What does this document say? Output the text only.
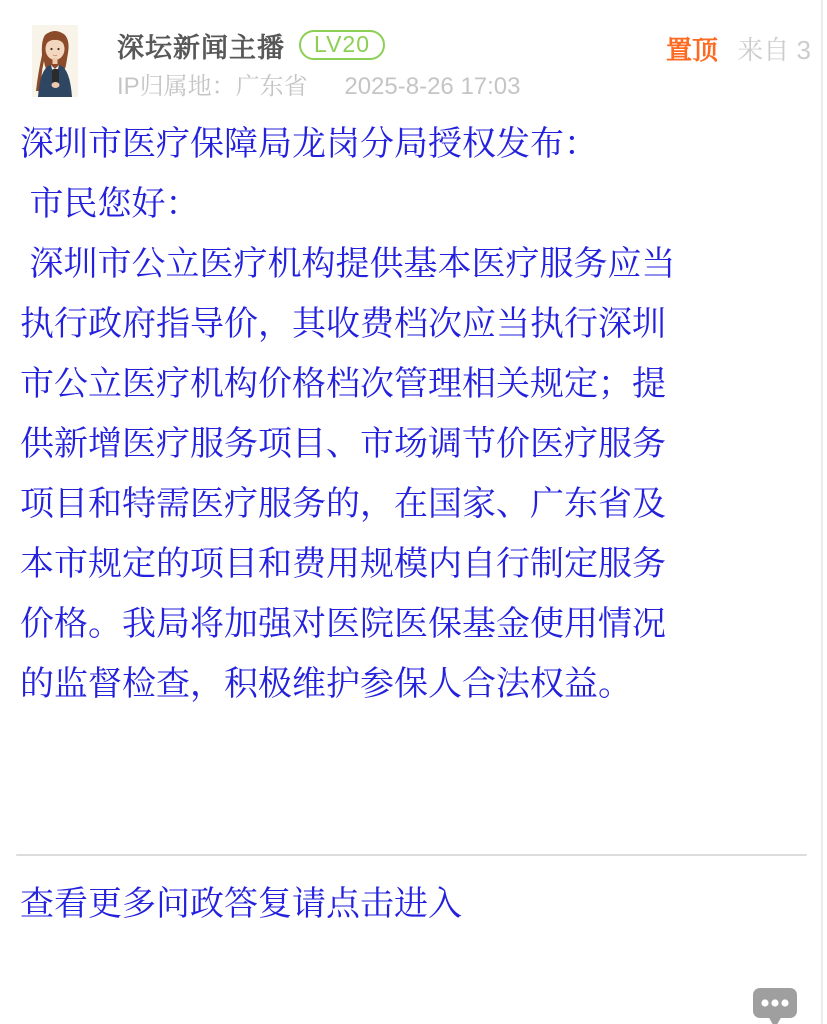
深坛新闻主播	LV20	置顶 来自 3
IP归属地：广东省 2025-8-26 17:03
深圳市医疗保障局龙岗分局授权发布：
市民您好：
深圳市公立医疗机构提供基本医疗服务应当
执行政府指导价，其收费档次应当执行深圳
市公立医疗机构价格档次管理相关规定；提
供新增医疗服务项目、市场调节价医疗服务
项目和特需医疗服务的，在国家、广东省及
本市规定的项目和费用规模内自行制定服务
价格。我局将加强对医院医保基金使用情况
的监督检查，积极维护参保人合法权益。
查看更多问政答复请点击进入
